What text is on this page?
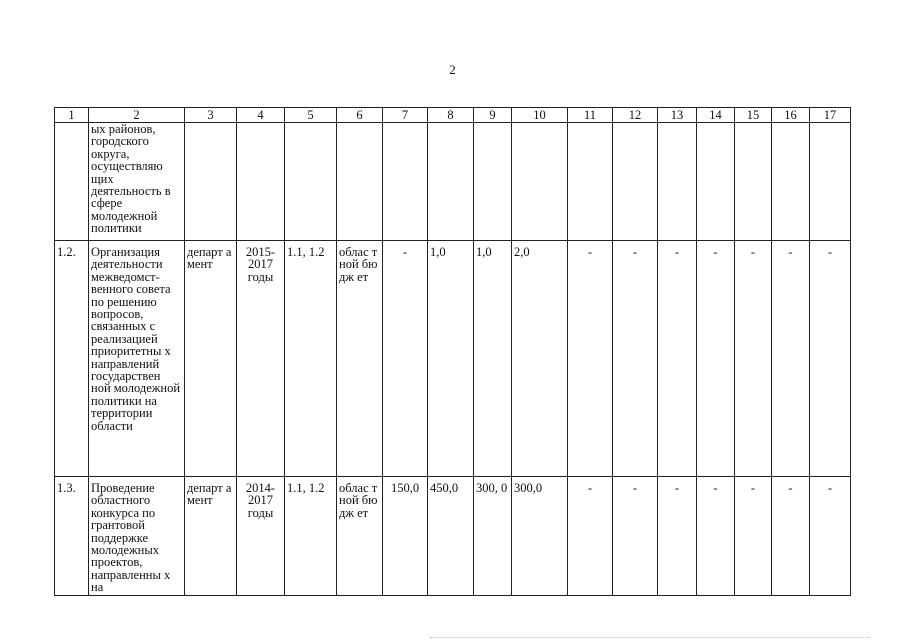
2
1	2	3	4	5	6	7	8	9	10	11	12	13	14	15	16	17
	ых районов, городского округа, осуществляю щих деятельность в сфере молодежной политики															
1.2.	Организация деятельности межведомст- венного совета по решению вопросов, связанных с реализацией приоритетны х направлений государствен ной молодежной политики на территории области	департ амент	2015- 2017 годы	1.1, 1.2	облас тной бюдж ет	-	1,0	1,0	2,0	-	-	-	-	-	-	-
1.3.	Проведение областного конкурса по грантовой поддержке молодежных проектов, направленны х на	департ амент	2014- 2017 годы	1.1, 1.2	облас тной бюдж ет	150,0	450,0	300, 0	300,0	-	-	-	-	-	-	-
